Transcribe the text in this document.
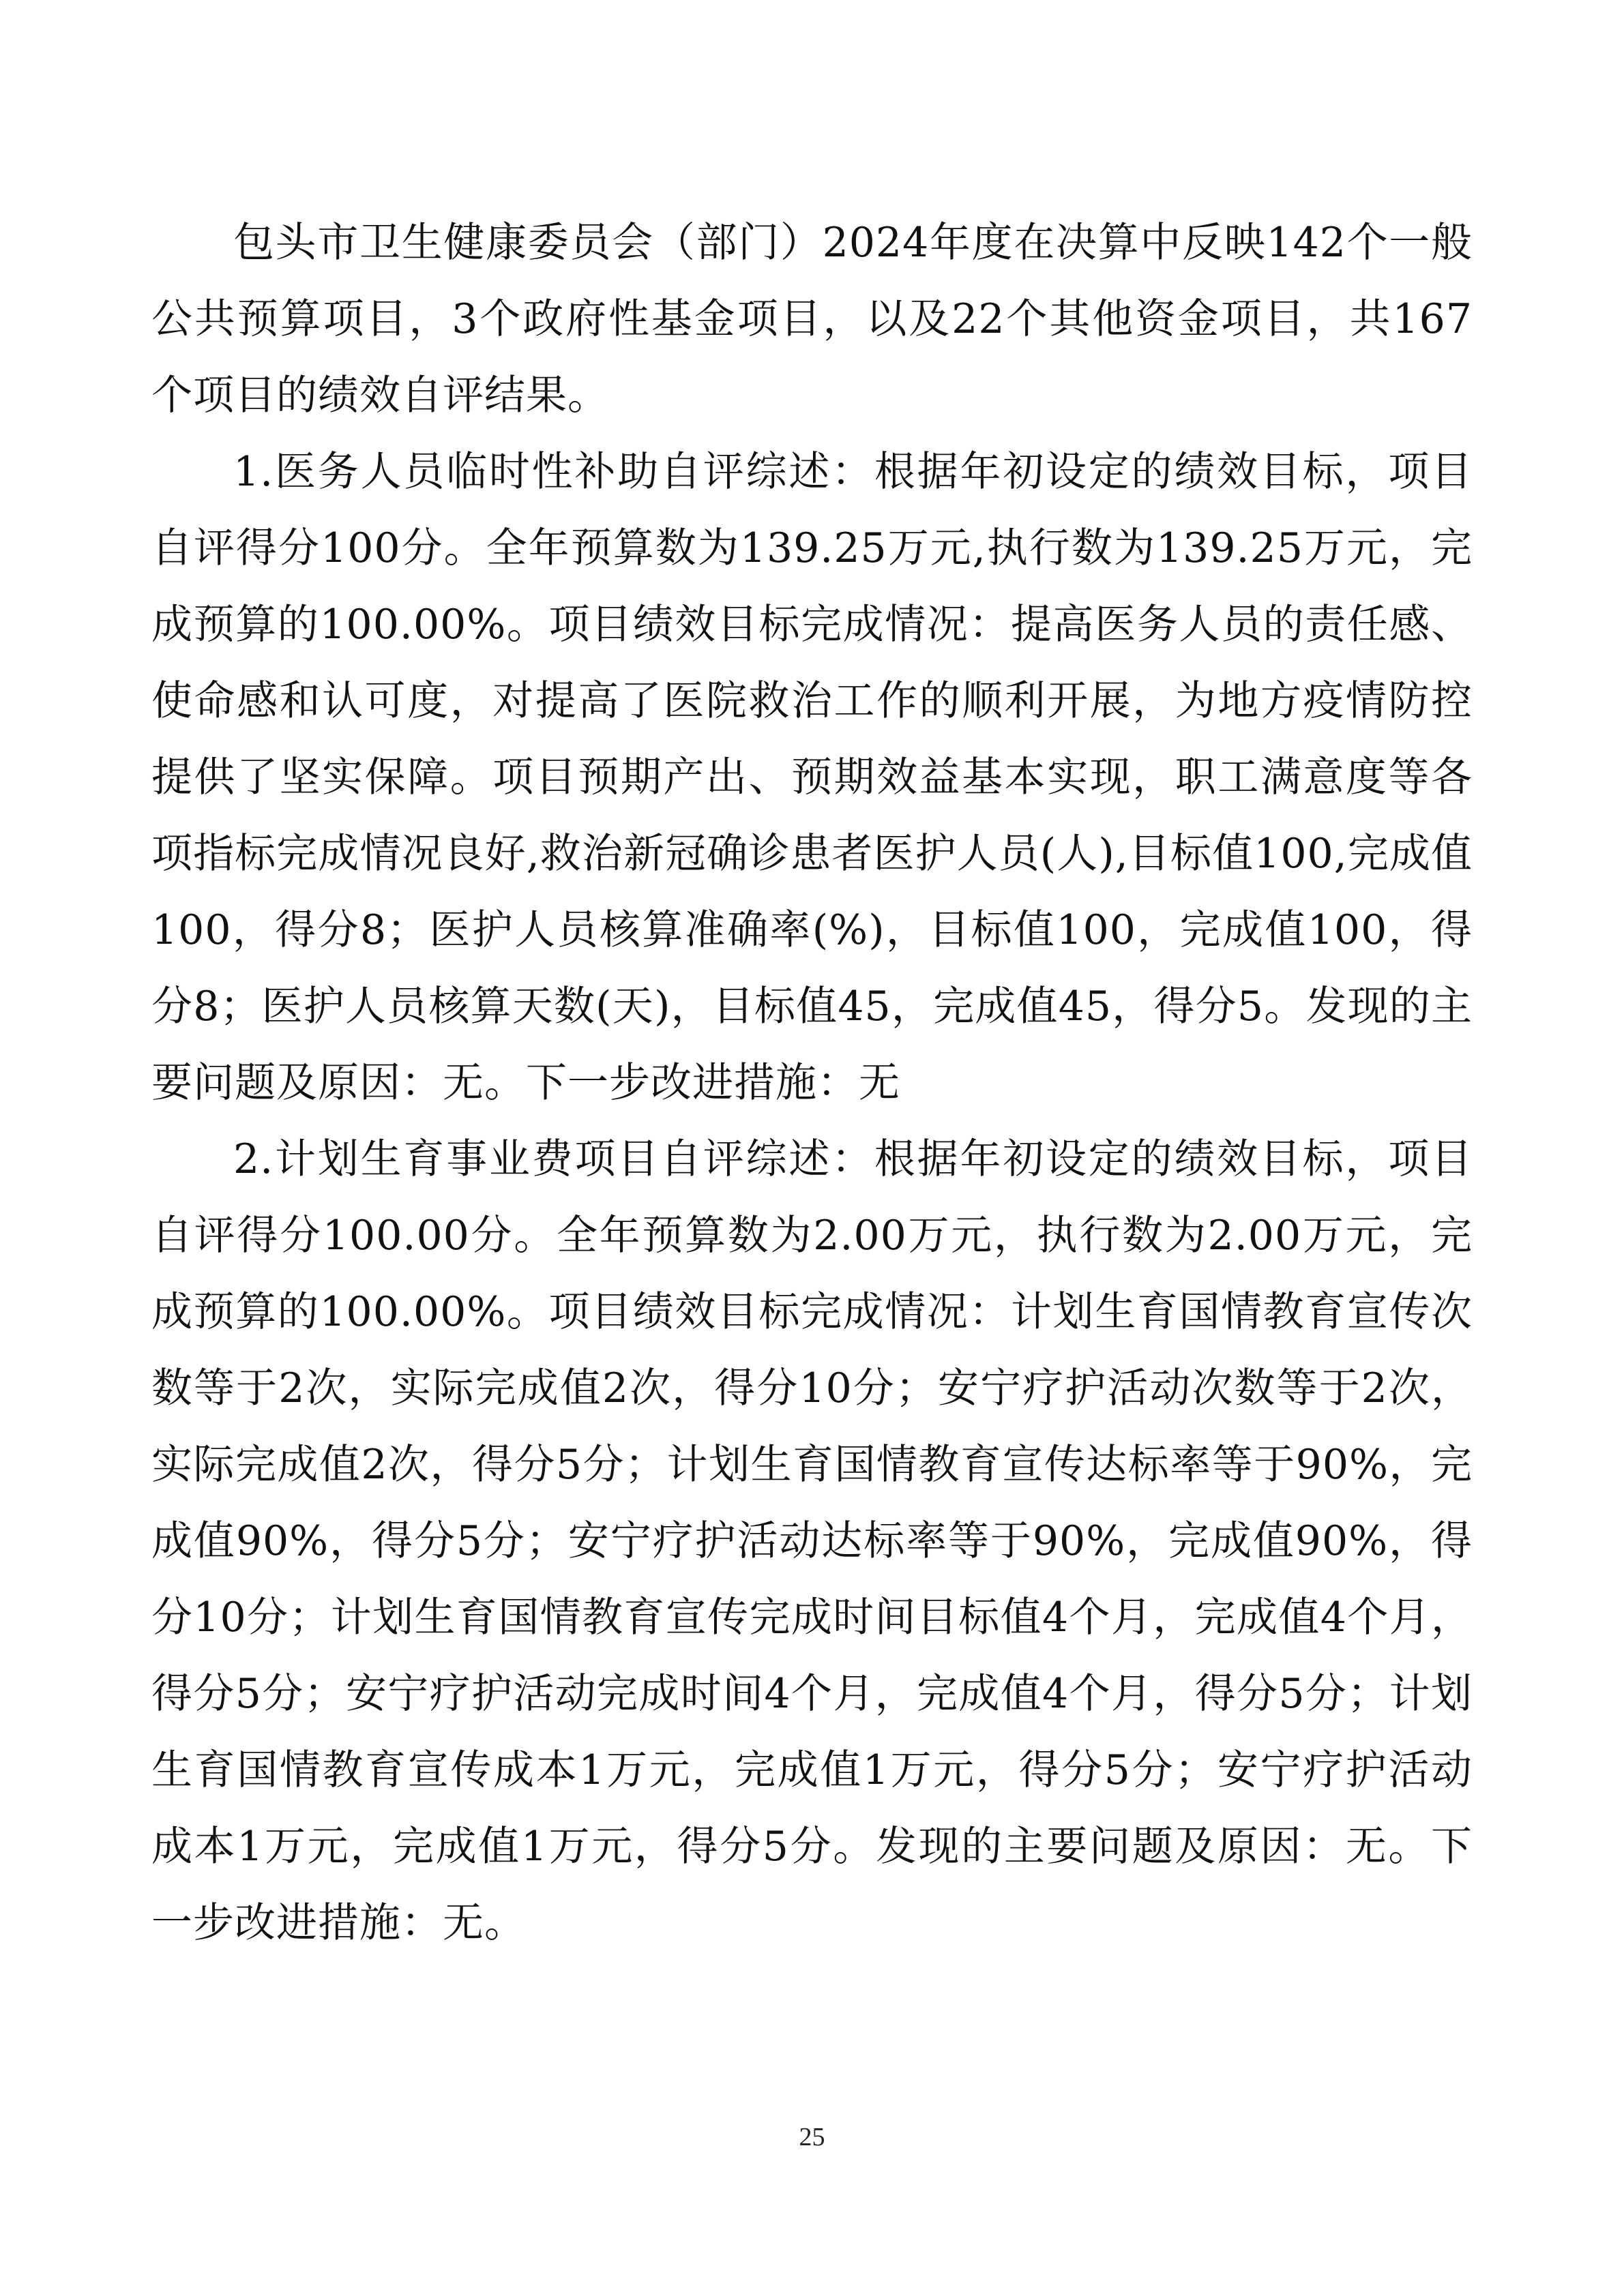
包头市卫生健康委员会（部门）2024年度在决算中反映142个一般公共预算项目，3个政府性基金项目，以及22个其他资金项目，共167个项目的绩效自评结果。

1.医务人员临时性补助自评综述：根据年初设定的绩效目标，项目自评得分100分。全年预算数为139.25万元,执行数为139.25万元，完成预算的100.00%。项目绩效目标完成情况：提高医务人员的责任感、使命感和认可度，对提高了医院救治工作的顺利开展，为地方疫情防控提供了坚实保障。项目预期产出、预期效益基本实现，职工满意度等各项指标完成情况良好,救治新冠确诊患者医护人员(人),目标值100,完成值100，得分8；医护人员核算准确率(%)，目标值100，完成值100，得分8；医护人员核算天数(天)，目标值45，完成值45，得分5。发现的主要问题及原因：无。下一步改进措施：无

2.计划生育事业费项目自评综述：根据年初设定的绩效目标，项目自评得分100.00分。全年预算数为2.00万元，执行数为2.00万元，完成预算的100.00%。项目绩效目标完成情况：计划生育国情教育宣传次数等于2次，实际完成值2次，得分10分；安宁疗护活动次数等于2次，实际完成值2次，得分5分；计划生育国情教育宣传达标率等于90%，完成值90%，得分5分；安宁疗护活动达标率等于90%，完成值90%，得分10分；计划生育国情教育宣传完成时间目标值4个月，完成值4个月，得分5分；安宁疗护活动完成时间4个月，完成值4个月，得分5分；计划生育国情教育宣传成本1万元，完成值1万元，得分5分；安宁疗护活动成本1万元，完成值1万元，得分5分。发现的主要问题及原因：无。下一步改进措施：无。

25
